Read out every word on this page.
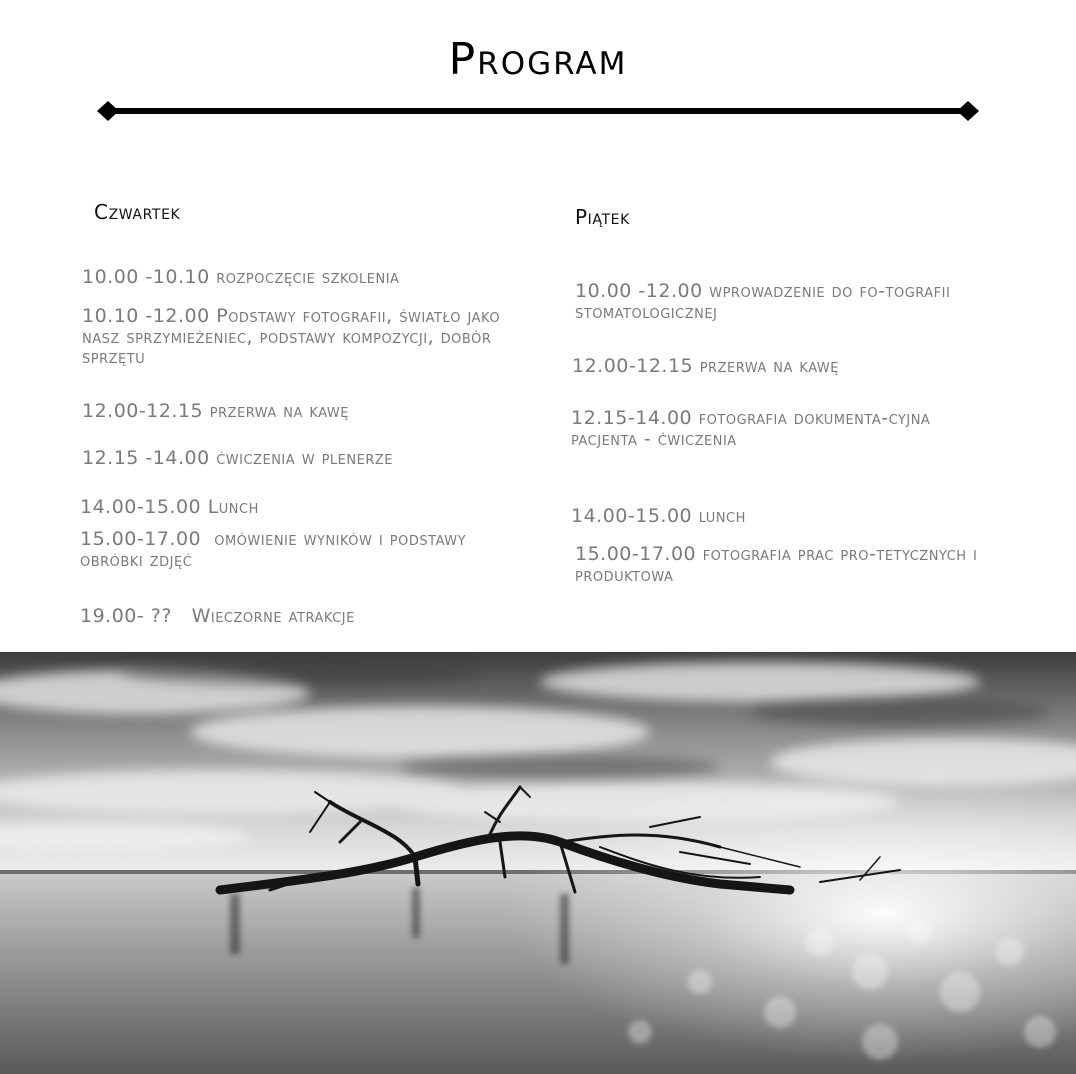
Program
Czwartek
10.00 -10.10 rozpoczęcie szkolenia
10.10 -12.00 Podstawy fotografii, światło jako nasz sprzymieżeniec, podstawy kompozycji, dobór sprzętu
12.00-12.15 przerwa na kawę
12.15 -14.00 ćwiczenia w plenerze
14.00-15.00 Lunch
15.00-17.00  omówienie wyników i podstawy obróbki zdjęć
19.00- ??   Wieczorne atrakcje
Piątek
10.00 -12.00 wprowadzenie do fo-tografii stomatologicznej
12.00-12.15 przerwa na kawę
12.15-14.00 fotografia dokumenta-cyjna pacjenta - ćwiczenia
14.00-15.00 lunch
15.00-17.00 fotografia prac pro-tetycznych i produktowa
